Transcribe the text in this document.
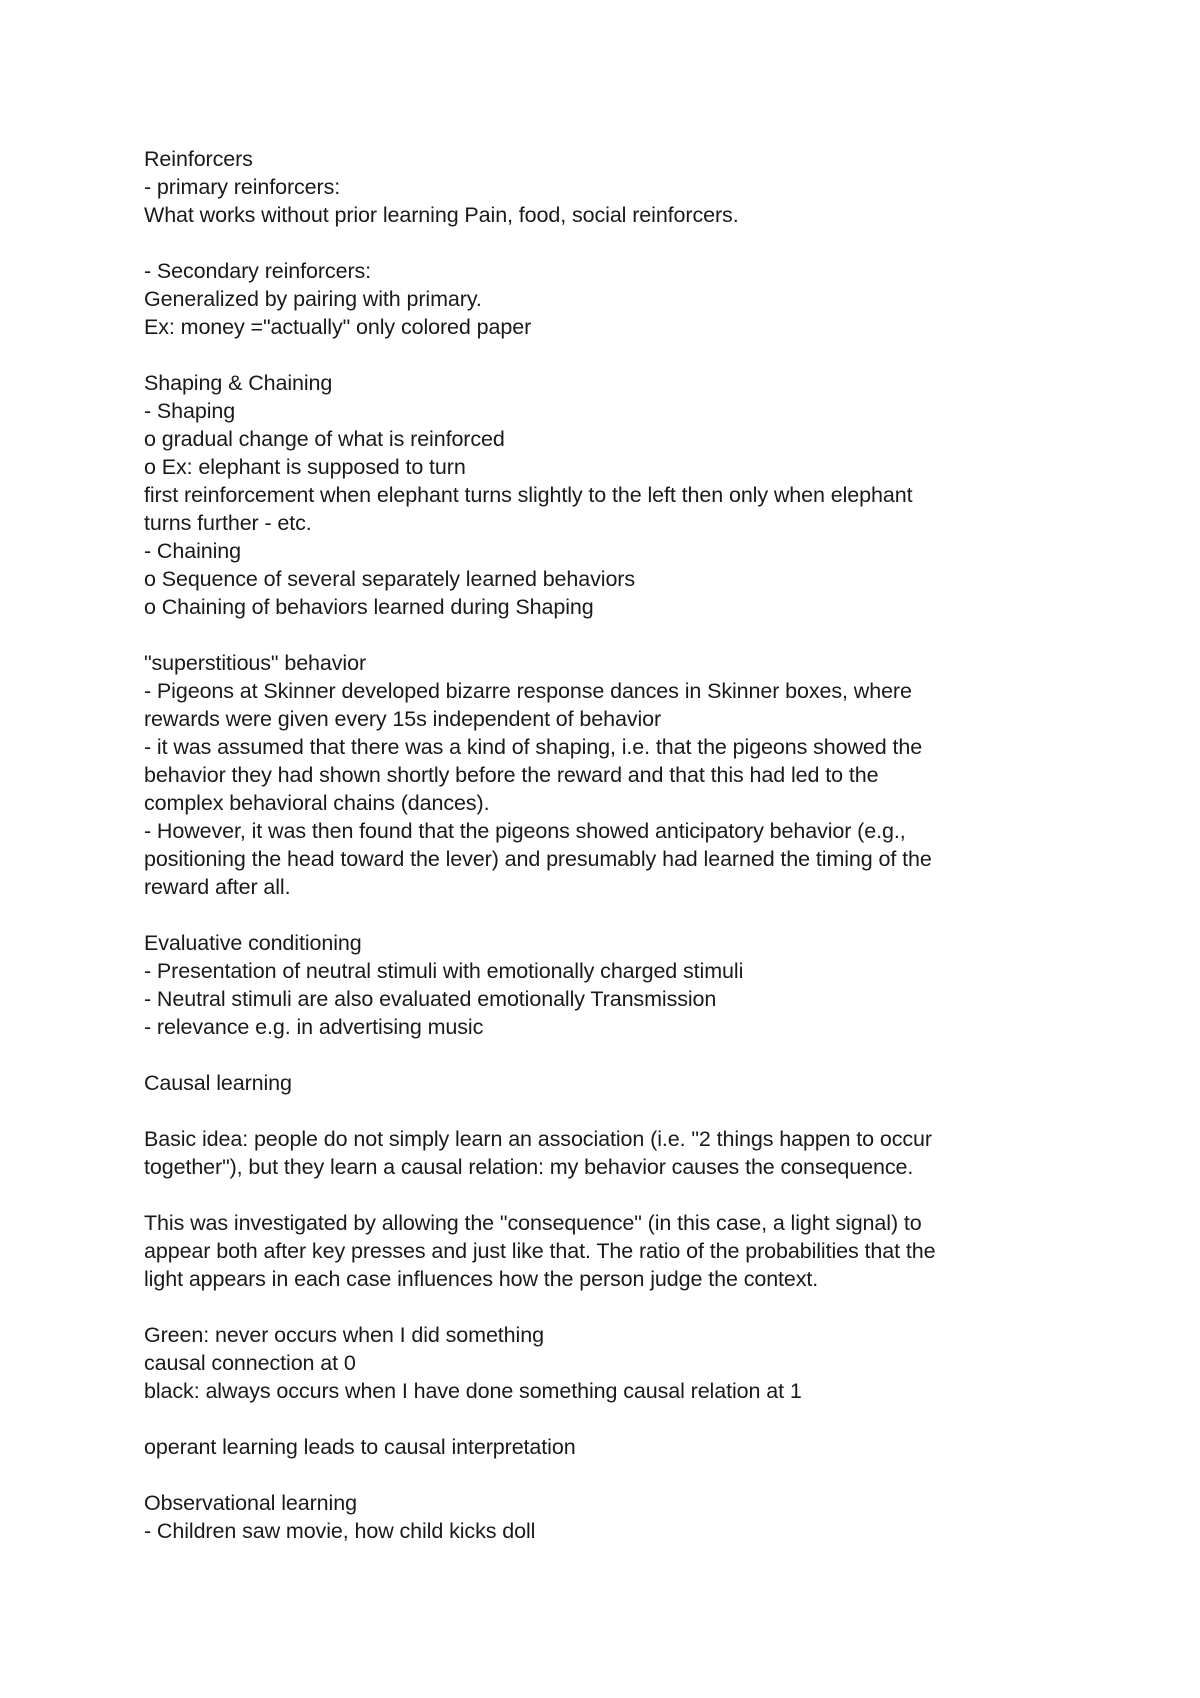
Reinforcers
- primary reinforcers:
What works without prior learning Pain, food, social reinforcers.
- Secondary reinforcers:
Generalized by pairing with primary.
Ex: money ="actually" only colored paper
Shaping & Chaining
- Shaping
o gradual change of what is reinforced
o Ex: elephant is supposed to turn
first reinforcement when elephant turns slightly to the left then only when elephant
turns further - etc.
- Chaining
o Sequence of several separately learned behaviors
o Chaining of behaviors learned during Shaping
"superstitious" behavior
- Pigeons at Skinner developed bizarre response dances in Skinner boxes, where
rewards were given every 15s independent of behavior
- it was assumed that there was a kind of shaping, i.e. that the pigeons showed the
behavior they had shown shortly before the reward and that this had led to the
complex behavioral chains (dances).
- However, it was then found that the pigeons showed anticipatory behavior (e.g.,
positioning the head toward the lever) and presumably had learned the timing of the
reward after all.
Evaluative conditioning
- Presentation of neutral stimuli with emotionally charged stimuli
- Neutral stimuli are also evaluated emotionally Transmission
- relevance e.g. in advertising music
Causal learning
Basic idea: people do not simply learn an association (i.e. "2 things happen to occur
together"), but they learn a causal relation: my behavior causes the consequence.
This was investigated by allowing the "consequence" (in this case, a light signal) to
appear both after key presses and just like that. The ratio of the probabilities that the
light appears in each case influences how the person judge the context.
Green: never occurs when I did something
causal connection at 0
black: always occurs when I have done something causal relation at 1
operant learning leads to causal interpretation
Observational learning
- Children saw movie, how child kicks doll
